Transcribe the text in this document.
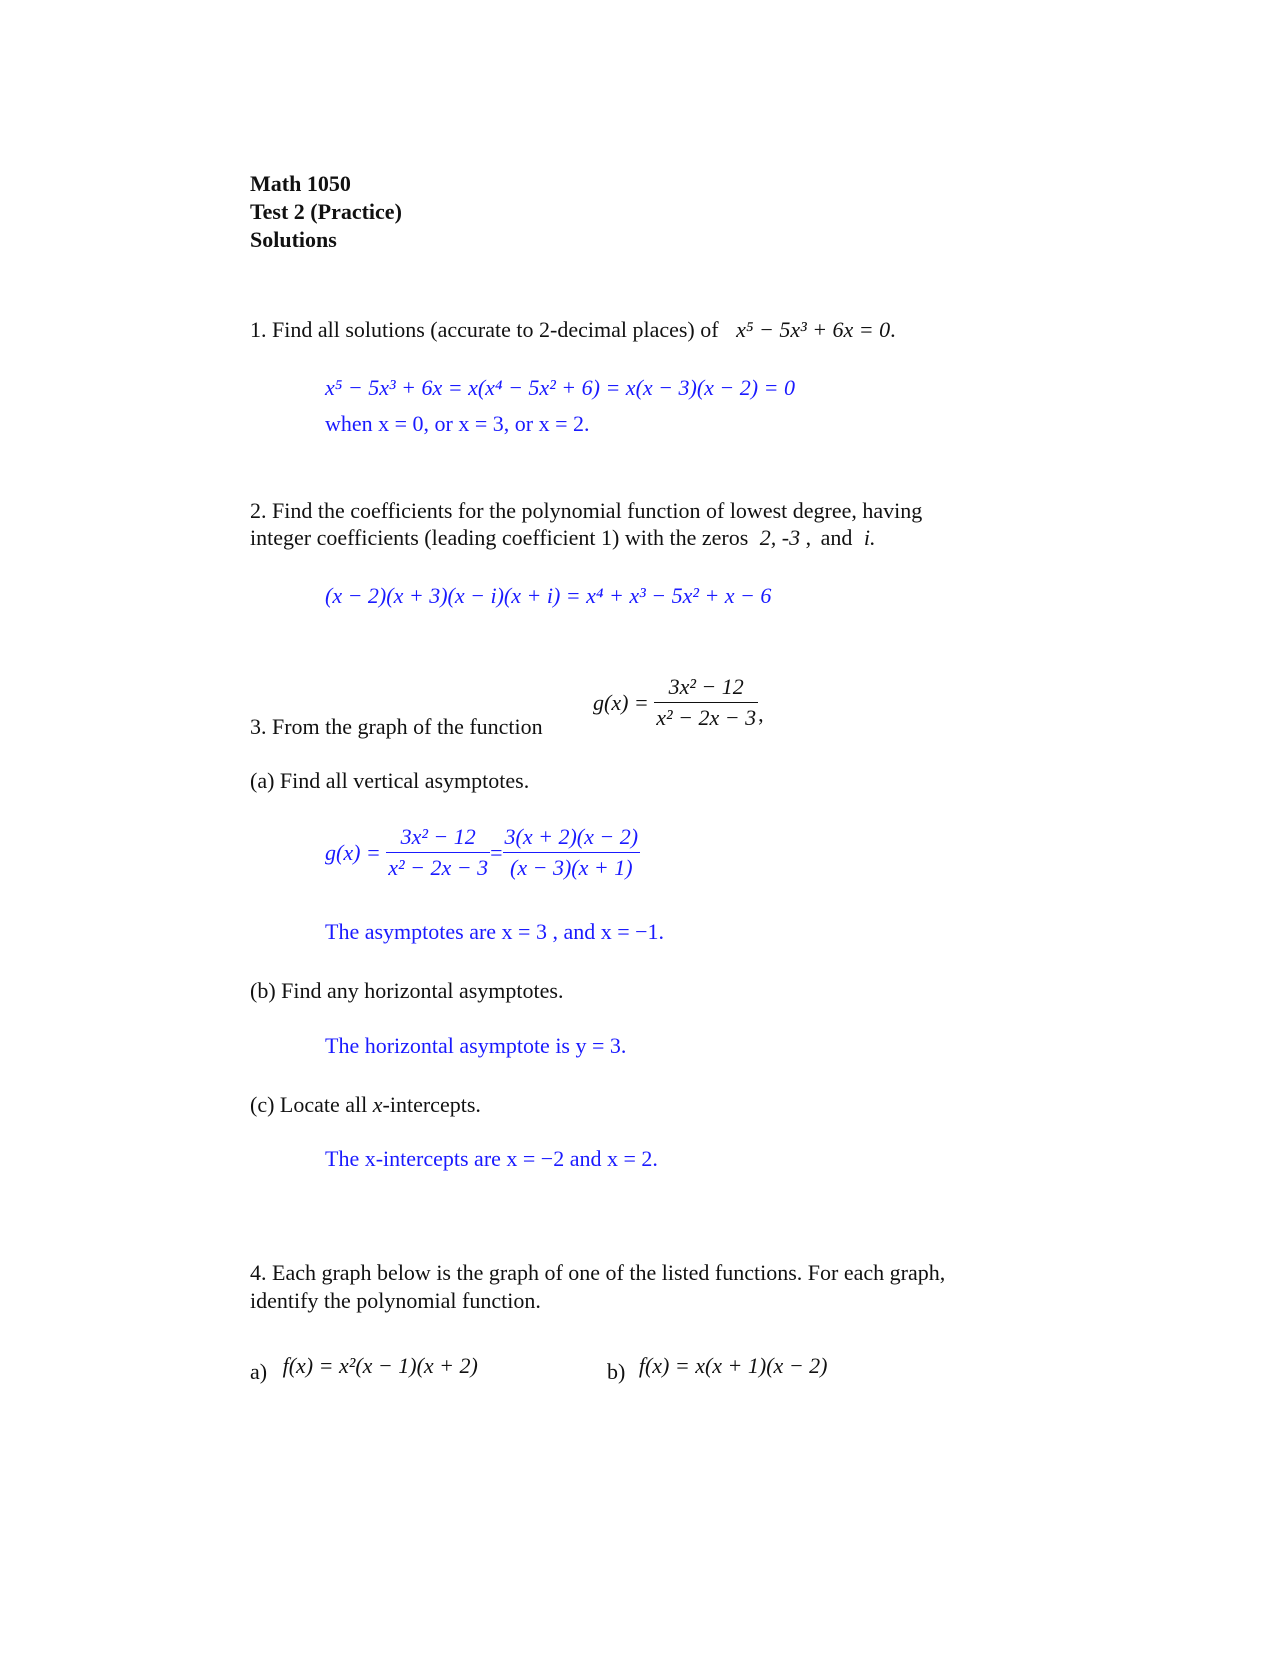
Math 1050
Test 2 (Practice)
Solutions
1. Find all solutions (accurate to 2-decimal places) of x⁵ − 5x³ + 6x = 0.
x⁵ − 5x³ + 6x = x(x⁴ − 5x² + 6) = x(x − 3)(x − 2) = 0
when x = 0, or x = 3, or x = 2.
2. Find the coefficients for the polynomial function of lowest degree, having
integer coefficients (leading coefficient 1) with the zeros 2, -3 , and i.
(x − 2)(x + 3)(x − i)(x + i) = x⁴ + x³ − 5x² + x − 6
3. From the graph of the function
$g(x) = \frac{\text{3x² − 12}}{\text{x² − 2x − 3}}$ ,
(a) Find all vertical asymptotes.
$g(x) = \frac{\text{3x² − 12}}{\text{x² − 2x − 3}} = \frac{3(x + 2)(x - 2)}{(x - 3)(x + 1)}$
The asymptotes are x = 3 , and x = −1.
(b) Find any horizontal asymptotes.
The horizontal asymptote is y = 3.
(c) Locate all x-intercepts.
The x-intercepts are x = −2 and x = 2.
4. Each graph below is the graph of one of the listed functions. For each graph,
identify the polynomial function.
a) f(x) = x²(x − 1)(x + 2)	b) f(x) = x(x + 1)(x − 2)
